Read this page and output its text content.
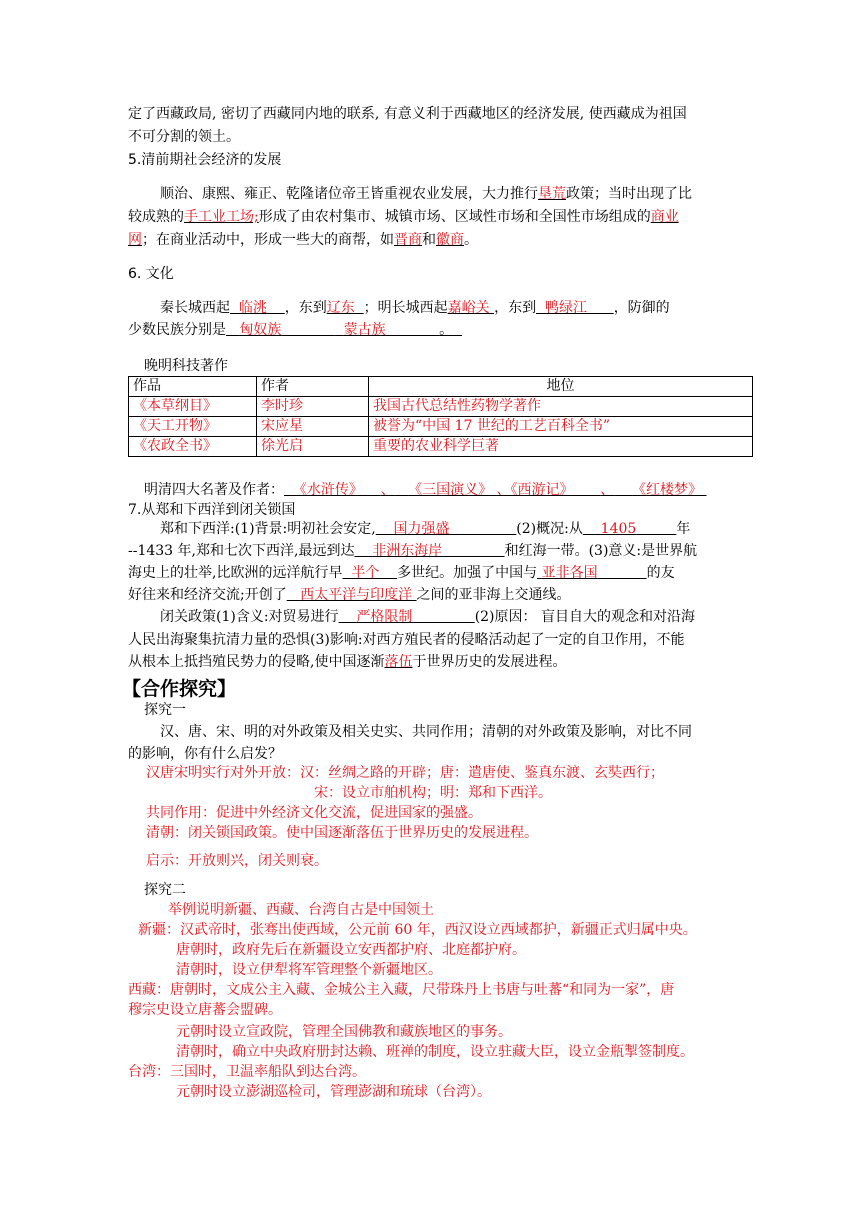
定了西藏政局, 密切了西藏同内地的联系, 有意义利于西藏地区的经济发展, 使西藏成为祖国
不可分割的领土。
5.清前期社会经济的发展
顺治、康熙、雍正、乾隆诸位帝王皆重视农业发展，大力推行垦荒政策；当时出现了比
较成熟的手工业工场;形成了由农村集市、城镇市场、区域性市场和全国性市场组成的商业
网；在商业活动中，形成一些大的商帮，如晋商和徽商。
6. 文化
秦长城西起 临洮 ，东到辽东 ；明长城西起嘉峪关 ，东到 鸭绿江 ，防御的
少数民族分别是 匈奴族	蒙古族	。
晚明科技著作
作品	作者	地位
《本草纲目》	李时珍	我国古代总结性药物学著作
《天工开物》	宋应星	被誉为“中国 17 世纪的工艺百科全书”
《农政全书》	徐光启	重要的农业科学巨著
明清四大名著及作者： 《水浒传》 、 《三国演义》 、《西游记》 、 《红楼梦》
7.从郑和下西洋到闭关锁国
郑和下西洋:(1)背景:明初社会安定, 国力强盛	(2)概况:从 1405	年
--1433 年,郑和七次下西洋,最远到达 非洲东海岸	和红海一带。(3)意义:是世界航
海史上的壮举,比欧洲的远洋航行早 半个 多世纪。加强了中国与 亚非各国	的友
好往来和经济交流;开创了 西太平洋与印度洋 之间的亚非海上交通线。
闭关政策(1)含义:对贸易进行 严格限制	(2)原因： 盲目自大的观念和对沿海
人民出海聚集抗清力量的恐惧(3)影响:对西方殖民者的侵略活动起了一定的自卫作用，不能
从根本上抵挡殖民势力的侵略,使中国逐渐落伍于世界历史的发展进程。
【合作探究】
探究一
汉、唐、宋、明的对外政策及相关史实、共同作用；清朝的对外政策及影响，对比不同
的影响，你有什么启发？
汉唐宋明实行对外开放：汉：丝绸之路的开辟；唐：遣唐使、鉴真东渡、玄奘西行；
宋：设立市舶机构；明：郑和下西洋。
共同作用：促进中外经济文化交流，促进国家的强盛。
清朝：闭关锁国政策。使中国逐渐落伍于世界历史的发展进程。
启示：开放则兴，闭关则衰。
探究二
举例说明新疆、西藏、台湾自古是中国领土
新疆：汉武帝时，张骞出使西域，公元前 60 年，西汉设立西域都护，新疆正式归属中央。
唐朝时，政府先后在新疆设立安西都护府、北庭都护府。
清朝时，设立伊犁将军管理整个新疆地区。
西藏：唐朝时，文成公主入藏、金城公主入藏，尺带珠丹上书唐与吐蕃“和同为一家”，唐
穆宗史设立唐蕃会盟碑。
元朝时设立宣政院，管理全国佛教和藏族地区的事务。
清朝时，确立中央政府册封达赖、班禅的制度，设立驻藏大臣，设立金瓶掣签制度。
台湾：三国时，卫温率船队到达台湾。
元朝时设立澎湖巡检司，管理澎湖和琉球（台湾）。
